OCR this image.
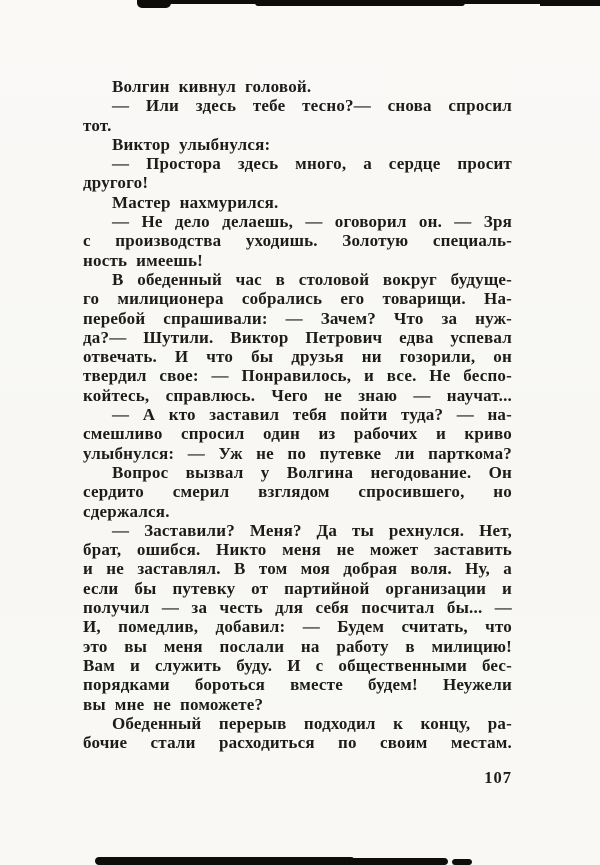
Волгин кивнул головой.
— Или здесь тебе тесно?— снова спросил
тот.
Виктор улыбнулся:
— Простора здесь много, а сердце просит
другого!
Мастер нахмурился.
— Не дело делаешь, — оговорил он. — Зря
с производства уходишь. Золотую специаль-
ность имеешь!
В обеденный час в столовой вокруг будуще-
го милиционера собрались его товарищи. На-
перебой спрашивали: — Зачем? Что за нуж-
да?— Шутили. Виктор Петрович едва успевал
отвечать. И что бы друзья ни гозорили, он
твердил свое: — Понравилось, и все. Не беспо-
койтесь, справлюсь. Чего не знаю — научат...
— А кто заставил тебя пойти туда? — на-
смешливо спросил один из рабочих и криво
улыбнулся: — Уж не по путевке ли парткома?
Вопрос вызвал у Волгина негодование. Он
сердито смерил взглядом спросившего, но
сдержался.
— Заставили? Меня? Да ты рехнулся. Нет,
брат, ошибся. Никто меня не может заставить
и не заставлял. В том моя добрая воля. Ну, а
если бы путевку от партийной организации и
получил — за честь для себя посчитал бы... —
И, помедлив, добавил: — Будем считать, что
это вы меня послали на работу в милицию!
Вам и служить буду. И с общественными бес-
порядками бороться вместе будем! Неужели
вы мне не поможете?
Обеденный перерыв подходил к концу, ра-
бочие стали расходиться по своим местам.
107
